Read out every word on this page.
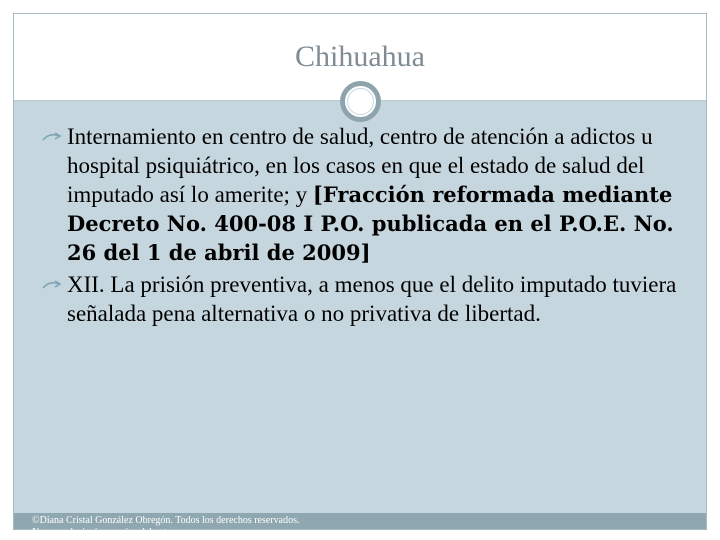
Chihuahua
Internamiento en centro de salud, centro de atención a adictos u hospital psiquiátrico, en los casos en que el estado de salud del imputado así lo amerite; y [Fracción reformada mediante Decreto No. 400-08 I P.O. publicada en el P.O.E. No. 26 del 1 de abril de 2009]
XII. La prisión preventiva, a menos que el delito imputado tuviera señalada pena alternativa o no privativa de libertad.
©Diana Cristal González Obregón. Todos los derechos reservados. No reproducir sin permiso del autor.
